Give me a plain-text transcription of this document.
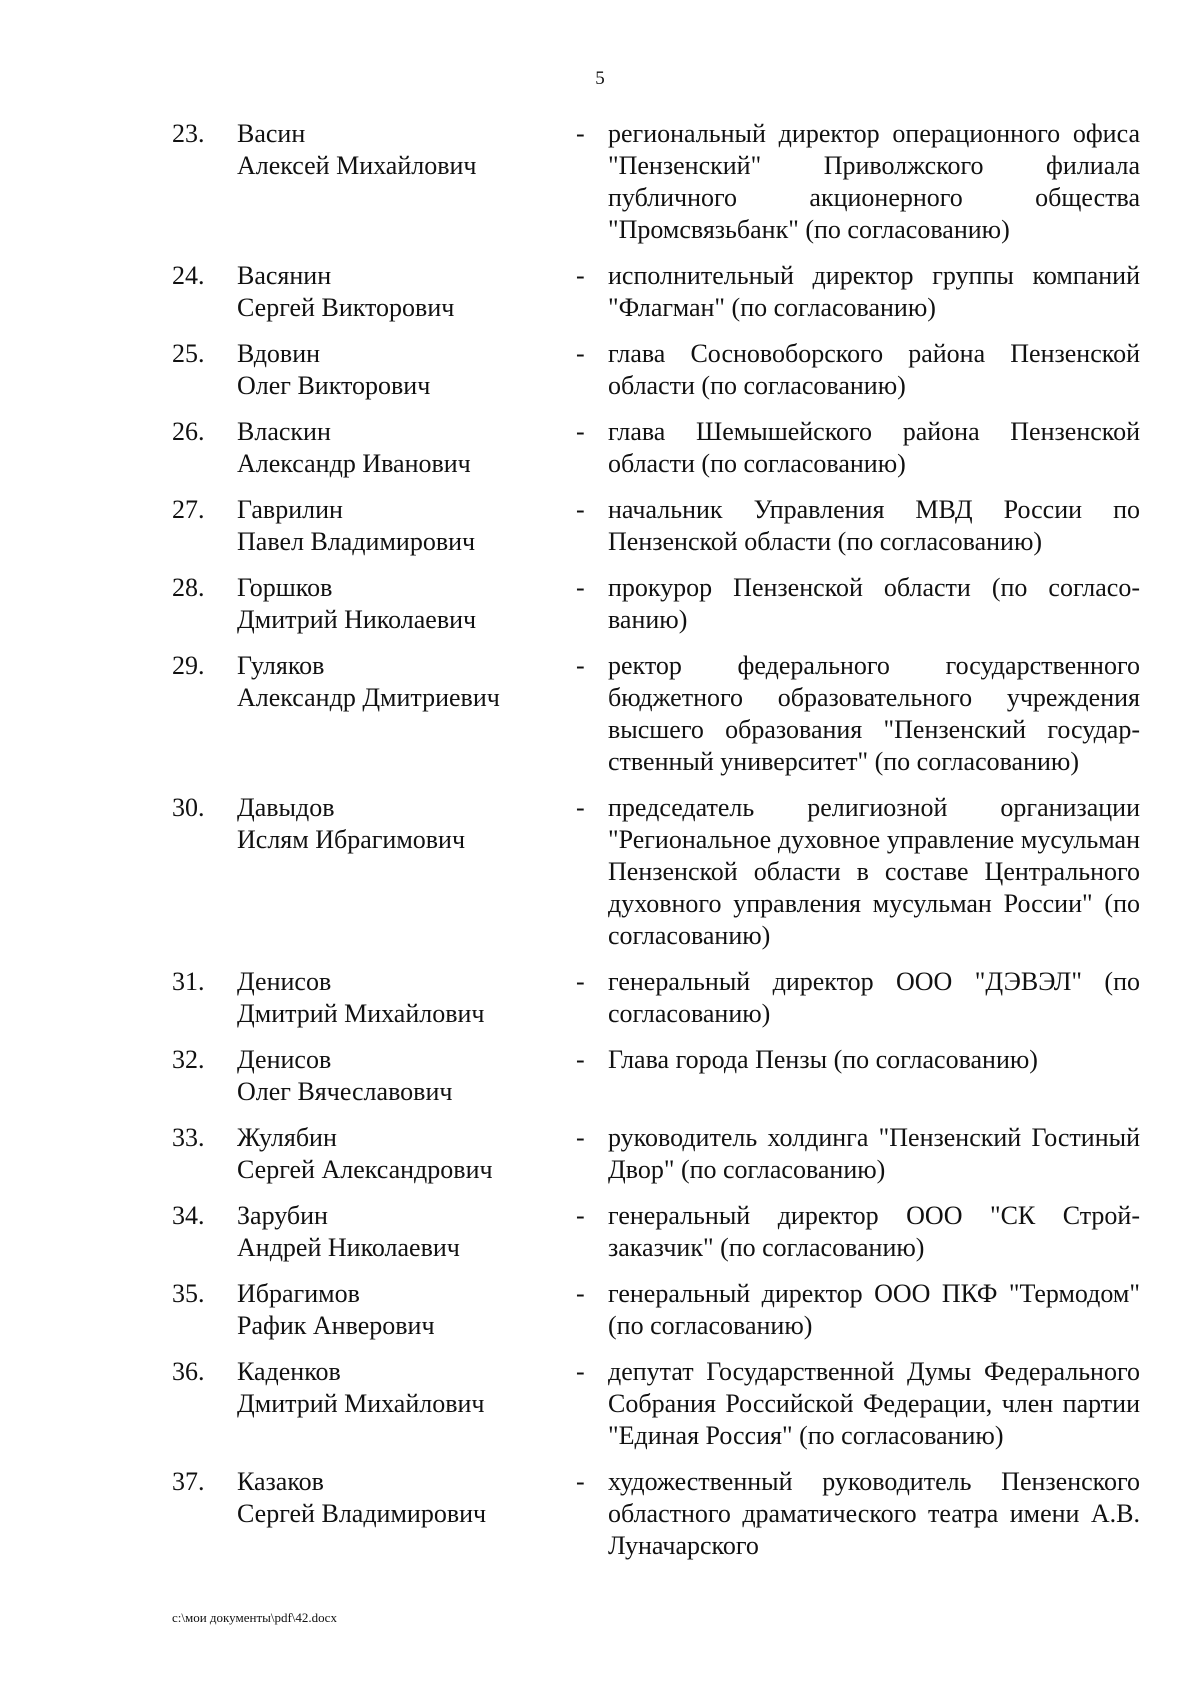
5
23. Васин
Алексей Михайлович
- региональный директор операционного офиса "Пензенский" Приволжского филиала публичного акционерного общества "Промсвязьбанк" (по согласованию)
24. Васянин
Сергей Викторович
- исполнительный директор группы компаний "Флагман" (по согласованию)
25. Вдовин
Олег Викторович
- глава Сосновоборского района Пензенской области (по согласованию)
26. Власкин
Александр Иванович
- глава Шемышейского района Пензенской области (по согласованию)
27. Гаврилин
Павел Владимирович
- начальник Управления МВД России по Пензенской области (по согласованию)
28. Горшков
Дмитрий Николаевич
- прокурор Пензенской области (по согласо-ванию)
29. Гуляков
Александр Дмитриевич
- ректор федерального государственного бюджетного образовательного учреждения высшего образования "Пензенский государ-ственный университет" (по согласованию)
30. Давыдов
Ислям Ибрагимович
- председатель религиозной организации "Региональное духовное управление мусульман Пензенской области в составе Центрального духовного управления мусульман России" (по согласованию)
31. Денисов
Дмитрий Михайлович
- генеральный директор ООО "ДЭВЭЛ" (по согласованию)
32. Денисов
Олег Вячеславович
- Глава города Пензы (по согласованию)
33. Жулябин
Сергей Александрович
- руководитель холдинга "Пензенский Гостиный Двор" (по согласованию)
34. Зарубин
Андрей Николаевич
- генеральный директор ООО "СК Строй-заказчик" (по согласованию)
35. Ибрагимов
Рафик Анверович
- генеральный директор ООО ПКФ "Термодом" (по согласованию)
36. Каденков
Дмитрий Михайлович
- депутат Государственной Думы Федерального Собрания Российской Федерации, член партии "Единая Россия" (по согласованию)
37. Казаков
Сергей Владимирович
- художественный руководитель Пензенского областного драматического театра имени А.В. Луначарского
c:\мои документы\pdf\42.docx
